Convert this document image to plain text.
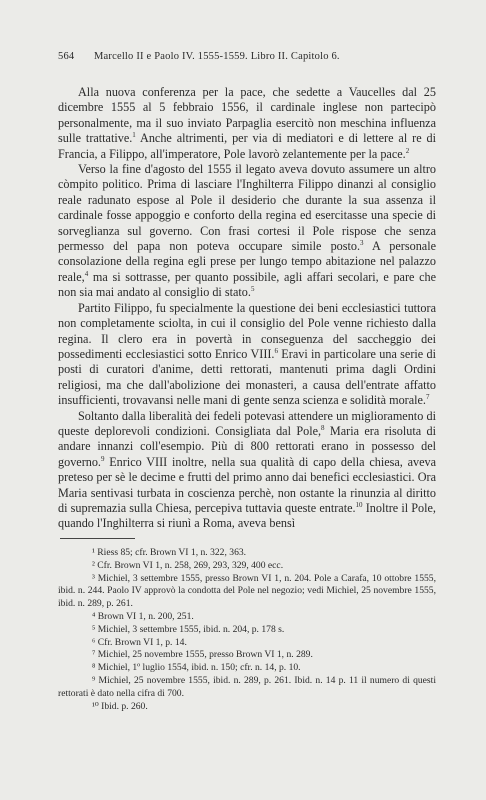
564	Marcello II e Paolo IV. 1555-1559. Libro II. Capitolo 6.

Alla nuova conferenza per la pace, che sedette a Vaucelles dal 25 dicembre 1555 al 5 febbraio 1556, il cardinale inglese non partecipò personalmente, ma il suo inviato Parpaglia esercitò non meschina influenza sulle trattative.$^1$ Anche altrimenti, per via di mediatori e di lettere al re di Francia, a Filippo, all'imperatore, Pole lavorò zelantemente per la pace.$^2$

Verso la fine d'agosto del 1555 il legato aveva dovuto assumere un altro còmpito politico. Prima di lasciare l'Inghilterra Filippo dinanzi al consiglio reale radunato espose al Pole il desiderio che durante la sua assenza il cardinale fosse appoggio e conforto della regina ed esercitasse una specie di sorveglianza sul governo. Con frasi cortesi il Pole rispose che senza permesso del papa non poteva occupare simile posto.$^3$ A personale consolazione della regina egli prese per lungo tempo abitazione nel palazzo reale,$^4$ ma si sottrasse, per quanto possibile, agli affari secolari, e pare che non sia mai andato al consiglio di stato.$^5$

Partito Filippo, fu specialmente la questione dei beni ecclesiastici tuttora non completamente sciolta, in cui il consiglio del Pole venne richiesto dalla regina. Il clero era in povertà in conseguenza del saccheggio dei possedimenti ecclesiastici sotto Enrico VIII.$^6$ Eravi in particolare una serie di posti di curatori d'anime, detti rettorati, mantenuti prima dagli Ordini religiosi, ma che dall'abolizione dei monasteri, a causa dell'entrate affatto insufficienti, trovavansi nelle mani di gente senza scienza e solidità morale.$^7$

Soltanto dalla liberalità dei fedeli potevasi attendere un miglioramento di queste deplorevoli condizioni. Consigliata dal Pole,$^8$ Maria era risoluta di andare innanzi coll'esempio. Più di 800 rettorati erano in possesso del governo.$^9$ Enrico VIII inoltre, nella sua qualità di capo della chiesa, aveva preteso per sè le decime e frutti del primo anno dai benefici ecclesiastici. Ora Maria sentivasi turbata in coscienza perchè, non ostante la rinunzia al diritto di supremazia sulla Chiesa, percepiva tuttavia queste entrate.$^{10}$ Inoltre il Pole, quando l'Inghilterra si riunì a Roma, aveva bensì

¹ Riess 85; cfr. Brown VI 1, n. 322, 363.

² Cfr. Brown VI 1, n. 258, 269, 293, 329, 400 ecc.

³ Michiel, 3 settembre 1555, presso Brown VI 1, n. 204. Pole a Carafa, 10 ottobre 1555, ibid. n. 244. Paolo IV approvò la condotta del Pole nel negozio; vedi Michiel, 25 novembre 1555, ibid. n. 289, p. 261.

⁴ Brown VI 1, n. 200, 251.

⁵ Michiel, 3 settembre 1555, ibid. n. 204, p. 178 s.

⁶ Cfr. Brown VI 1, p. 14.

⁷ Michiel, 25 novembre 1555, presso Brown VI 1, n. 289.

⁸ Michiel, 1º luglio 1554, ibid. n. 150; cfr. n. 14, p. 10.

⁹ Michiel, 25 novembre 1555, ibid. n. 289, p. 261. Ibid. n. 14 p. 11 il numero di questi rettorati è dato nella cifra di 700.

¹⁰ Ibid. p. 260.
